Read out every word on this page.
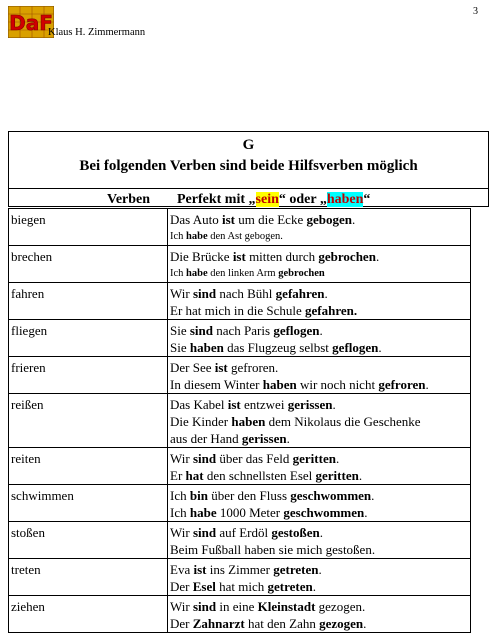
3
DaF
Klaus H. Zimmermann
G
Bei folgenden Verben sind beide Hilfsverben möglich
Verben Perfekt mit „sein“ oder „haben“
biegen	Das Auto ist um die Ecke gebogen.
Ich habe den Ast gebogen.

brechen	Die Brücke ist mitten durch gebrochen.
Ich habe den linken Arm gebrochen

fahren	Wir sind nach Bühl gefahren.
Er hat mich in die Schule gefahren.

fliegen	Sie sind nach Paris geflogen.
Sie haben das Flugzeug selbst geflogen.

frieren	Der See ist gefroren.
In diesem Winter haben wir noch nicht gefroren.

reißen	Das Kabel ist entzwei gerissen.
Die Kinder haben dem Nikolaus die Geschenke
aus der Hand gerissen.

reiten	Wir sind über das Feld geritten.
Er hat den schnellsten Esel geritten.

schwimmen	Ich bin über den Fluss geschwommen.
Ich habe 1000 Meter geschwommen.

stoßen	Wir sind auf Erdöl gestoßen.
Beim Fußball haben sie mich gestoßen.

treten	Eva ist ins Zimmer getreten.
Der Esel hat mich getreten.

ziehen	Wir sind in eine Kleinstadt gezogen.
Der Zahnarzt hat den Zahn gezogen.
